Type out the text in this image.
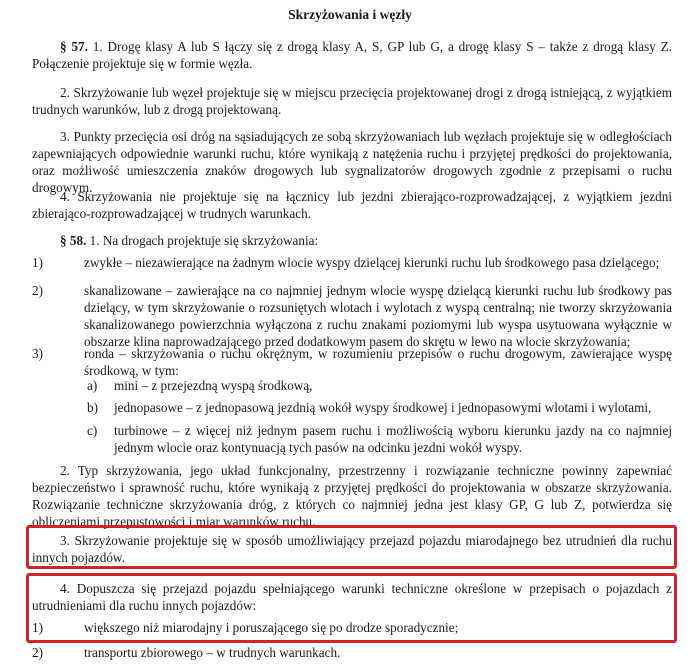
Skrzyżowania i węzły

§ 57. 1. Drogę klasy A lub S łączy się z drogą klasy A, S, GP lub G, a drogę klasy S – także z drogą klasy Z. Połączenie projektuje się w formie węzła.

2. Skrzyżowanie lub węzeł projektuje się w miejscu przecięcia projektowanej drogi z drogą istniejącą, z wyjątkiem trudnych warunków, lub z drogą projektowaną.

3. Punkty przecięcia osi dróg na sąsiadujących ze sobą skrzyżowaniach lub węzłach projektuje się w odległościach zapewniających odpowiednie warunki ruchu, które wynikają z natężenia ruchu i przyjętej prędkości do projektowania, oraz możliwość umieszczenia znaków drogowych lub sygnalizatorów drogowych zgodnie z przepisami o ruchu drogowym.

4. Skrzyżowania nie projektuje się na łącznicy lub jezdni zbierająco-rozprowadzającej, z wyjątkiem jezdni zbierająco-rozprowadzającej w trudnych warunkach.

§ 58. 1. Na drogach projektuje się skrzyżowania:

1)	zwykłe – niezawierające na żadnym wlocie wyspy dzielącej kierunki ruchu lub środkowego pasa dzielącego;
2)	skanalizowane – zawierające na co najmniej jednym wlocie wyspę dzielącą kierunki ruchu lub środkowy pas dzielący, w tym skrzyżowanie o rozsuniętych wlotach i wylotach z wyspą centralną; nie tworzy skrzyżowania skanalizowanego powierzchnia wyłączona z ruchu znakami poziomymi lub wyspa usytuowana wyłącznie w obszarze klina naprowadzającego przed dodatkowym pasem do skrętu w lewo na wlocie skrzyżowania;
3)	ronda – skrzyżowania o ruchu okrężnym, w rozumieniu przepisów o ruchu drogowym, zawierające wyspę środkową, w tym:
a) mini – z przejezdną wyspą środkową,
b) jednopasowe – z jednopasową jezdnią wokół wyspy środkowej i jednopasowymi wlotami i wylotami,
c) turbinowe – z więcej niż jednym pasem ruchu i możliwością wyboru kierunku jazdy na co najmniej jednym wlocie oraz kontynuacją tych pasów na odcinku jezdni wokół wyspy.

2. Typ skrzyżowania, jego układ funkcjonalny, przestrzenny i rozwiązanie techniczne powinny zapewniać bezpieczeństwo i sprawność ruchu, które wynikają z przyjętej prędkości do projektowania w obszarze skrzyżowania. Rozwiązanie techniczne skrzyżowania dróg, z których co najmniej jedna jest klasy GP, G lub Z, potwierdza się obliczeniami przepustowości i miar warunków ruchu.

3. Skrzyżowanie projektuje się w sposób umożliwiający przejazd pojazdu miarodajnego bez utrudnień dla ruchu innych pojazdów.

4. Dopuszcza się przejazd pojazdu spełniającego warunki techniczne określone w przepisach o pojazdach z utrudnieniami dla ruchu innych pojazdów:

1)	większego niż miarodajny i poruszającego się po drodze sporadycznie;
2)	transportu zbiorowego – w trudnych warunkach.
